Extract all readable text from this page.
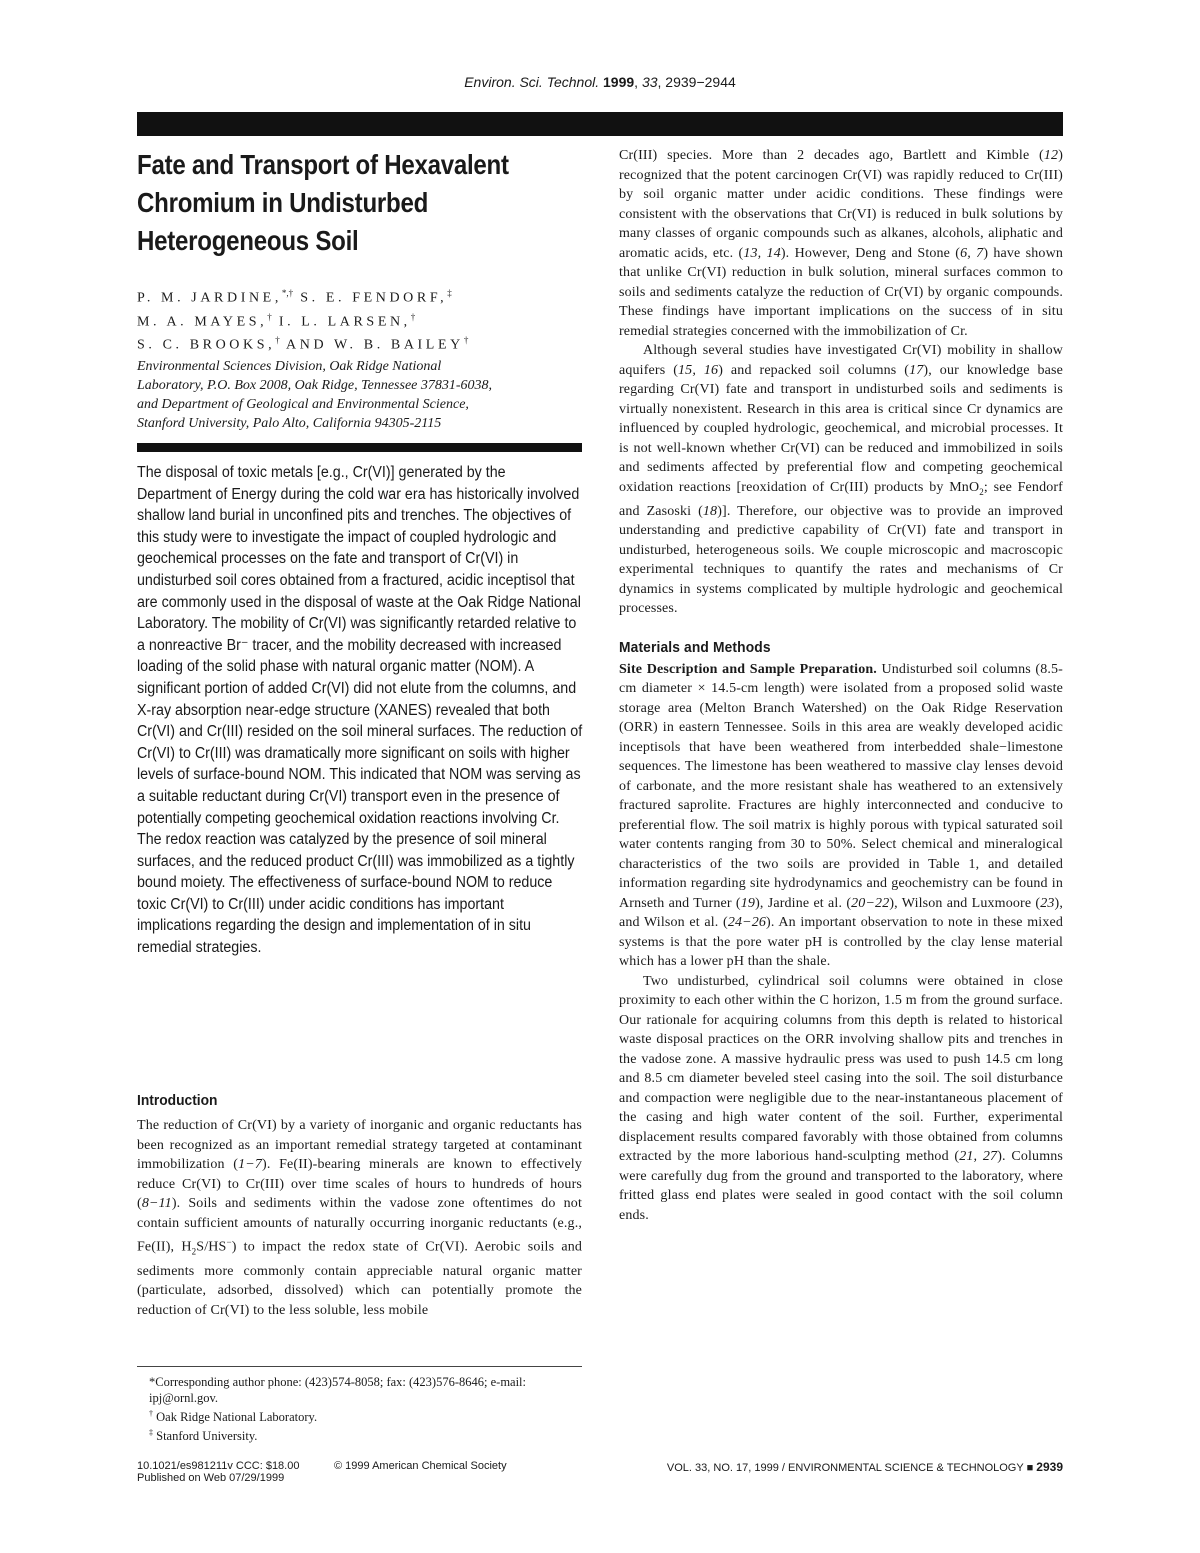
Environ. Sci. Technol. 1999, 33, 2939−2944
Fate and Transport of Hexavalent
Chromium in Undisturbed
Heterogeneous Soil
P. M. JARDINE,*,† S. E. FENDORF,‡
M. A. MAYES,† I. L. LARSEN,†
S. C. BROOKS,† AND W. B. BAILEY†
Environmental Sciences Division, Oak Ridge National
Laboratory, P.O. Box 2008, Oak Ridge, Tennessee 37831-6038,
and Department of Geological and Environmental Science,
Stanford University, Palo Alto, California 94305-2115

The disposal of toxic metals [e.g., Cr(VI)] generated by the Department of Energy during the cold war era has historically involved shallow land burial in unconfined pits and trenches. The objectives of this study were to investigate the impact of coupled hydrologic and geochemical processes on the fate and transport of Cr(VI) in undisturbed soil cores obtained from a fractured, acidic inceptisol that are commonly used in the disposal of waste at the Oak Ridge National Laboratory. The mobility of Cr(VI) was significantly retarded relative to a nonreactive Br⁻ tracer, and the mobility decreased with increased loading of the solid phase with natural organic matter (NOM). A significant portion of added Cr(VI) did not elute from the columns, and X-ray absorption near-edge structure (XANES) revealed that both Cr(VI) and Cr(III) resided on the soil mineral surfaces. The reduction of Cr(VI) to Cr(III) was dramatically more significant on soils with higher levels of surface-bound NOM. This indicated that NOM was serving as a suitable reductant during Cr(VI) transport even in the presence of potentially competing geochemical oxidation reactions involving Cr. The redox reaction was catalyzed by the presence of soil mineral surfaces, and the reduced product Cr(III) was immobilized as a tightly bound moiety. The effectiveness of surface-bound NOM to reduce toxic Cr(VI) to Cr(III) under acidic conditions has important implications regarding the design and implementation of in situ remedial strategies.

Introduction

The reduction of Cr(VI) by a variety of inorganic and organic reductants has been recognized as an important remedial strategy targeted at contaminant immobilization (1−7). Fe(II)-bearing minerals are known to effectively reduce Cr(VI) to Cr(III) over time scales of hours to hundreds of hours (8−11). Soils and sediments within the vadose zone oftentimes do not contain sufficient amounts of naturally occurring inorganic reductants (e.g., Fe(II), $H_2S/HS^-$) to impact the redox state of Cr(VI). Aerobic soils and sediments more commonly contain appreciable natural organic matter (particulate, adsorbed, dissolved) which can potentially promote the reduction of Cr(VI) to the less soluble, less mobile

*Corresponding author phone: (423)574-8058; fax: (423)576-8646; e-mail: ipj@ornl.gov.

† Oak Ridge National Laboratory.

‡ Stanford University.

Cr(III) species. More than 2 decades ago, Bartlett and Kimble (12) recognized that the potent carcinogen Cr(VI) was rapidly reduced to Cr(III) by soil organic matter under acidic conditions. These findings were consistent with the observations that Cr(VI) is reduced in bulk solutions by many classes of organic compounds such as alkanes, alcohols, aliphatic and aromatic acids, etc. (13, 14). However, Deng and Stone (6, 7) have shown that unlike Cr(VI) reduction in bulk solution, mineral surfaces common to soils and sediments catalyze the reduction of Cr(VI) by organic compounds. These findings have important implications on the success of in situ remedial strategies concerned with the immobilization of Cr.

Although several studies have investigated Cr(VI) mobility in shallow aquifers (15, 16) and repacked soil columns (17), our knowledge base regarding Cr(VI) fate and transport in undisturbed soils and sediments is virtually nonexistent. Research in this area is critical since Cr dynamics are influenced by coupled hydrologic, geochemical, and microbial processes. It is not well-known whether Cr(VI) can be reduced and immobilized in soils and sediments affected by preferential flow and competing geochemical oxidation reactions [reoxidation of Cr(III) products by MnO$_2$; see Fendorf and Zasoski (18)]. Therefore, our objective was to provide an improved understanding and predictive capability of Cr(VI) fate and transport in undisturbed, heterogeneous soils. We couple microscopic and macroscopic experimental techniques to quantify the rates and mechanisms of Cr dynamics in systems complicated by multiple hydrologic and geochemical processes.

Materials and Methods

Site Description and Sample Preparation. Undisturbed soil columns (8.5-cm diameter × 14.5-cm length) were isolated from a proposed solid waste storage area (Melton Branch Watershed) on the Oak Ridge Reservation (ORR) in eastern Tennessee. Soils in this area are weakly developed acidic inceptisols that have been weathered from interbedded shale−limestone sequences. The limestone has been weathered to massive clay lenses devoid of carbonate, and the more resistant shale has weathered to an extensively fractured saprolite. Fractures are highly interconnected and conducive to preferential flow. The soil matrix is highly porous with typical saturated soil water contents ranging from 30 to 50%. Select chemical and mineralogical characteristics of the two soils are provided in Table 1, and detailed information regarding site hydrodynamics and geochemistry can be found in Arnseth and Turner (19), Jardine et al. (20−22), Wilson and Luxmoore (23), and Wilson et al. (24−26). An important observation to note in these mixed systems is that the pore water pH is controlled by the clay lense material which has a lower pH than the shale.

Two undisturbed, cylindrical soil columns were obtained in close proximity to each other within the C horizon, 1.5 m from the ground surface. Our rationale for acquiring columns from this depth is related to historical waste disposal practices on the ORR involving shallow pits and trenches in the vadose zone. A massive hydraulic press was used to push 14.5 cm long and 8.5 cm diameter beveled steel casing into the soil. The soil disturbance and compaction were negligible due to the near-instantaneous placement of the casing and high water content of the soil. Further, experimental displacement results compared favorably with those obtained from columns extracted by the more laborious hand-sculpting method (21, 27). Columns were carefully dug from the ground and transported to the laboratory, where fritted glass end plates were sealed in good contact with the soil column ends.

10.1021/es981211v CCC: $18.00
Published on Web 07/29/1999
© 1999 American Chemical Society	VOL. 33, NO. 17, 1999 / ENVIRONMENTAL SCIENCE & TECHNOLOGY ■ 2939
